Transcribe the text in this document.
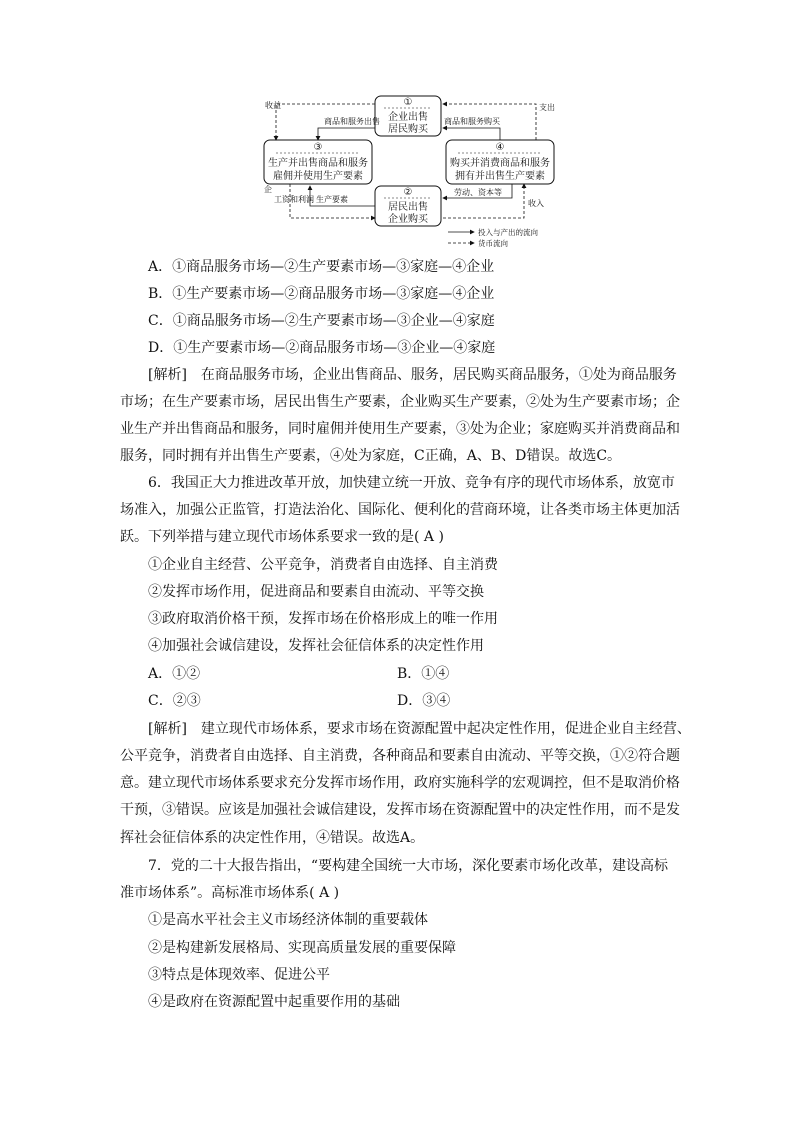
①
企业出售
居民购买
③
生产并出售商品和服务
雇佣并使用生产要素
④
购买并消费商品和服务
拥有并出售生产要素
②
居民出售
企业购买
商品和服务出售	商品和服务购买
生产要素
劳动、资本等
收益	支出
企
工资和利润	收入
投入与产出的流向
货币流向
A．①商品服务市场—②生产要素市场—③家庭—④企业
B．①生产要素市场—②商品服务市场—③家庭—④企业
C．①商品服务市场—②生产要素市场—③企业—④家庭
D．①生产要素市场—②商品服务市场—③企业—④家庭
[解析]　在商品服务市场，企业出售商品、服务，居民购买商品服务，①处为商品服务
市场；在生产要素市场，居民出售生产要素，企业购买生产要素，②处为生产要素市场；企
业生产并出售商品和服务，同时雇佣并使用生产要素，③处为企业；家庭购买并消费商品和
服务，同时拥有并出售生产要素，④处为家庭，C正确，A、B、D错误。故选C。
6．我国正大力推进改革开放，加快建立统一开放、竞争有序的现代市场体系，放宽市
场准入，加强公正监管，打造法治化、国际化、便利化的营商环境，让各类市场主体更加活
跃。下列举措与建立现代市场体系要求一致的是( A )
①企业自主经营、公平竞争，消费者自由选择、自主消费
②发挥市场作用，促进商品和要素自由流动、平等交换
③政府取消价格干预，发挥市场在价格形成上的唯一作用
④加强社会诚信建设，发挥社会征信体系的决定性作用
A．①②	B．①④
C．②③	D．③④
[解析]　建立现代市场体系，要求市场在资源配置中起决定性作用，促进企业自主经营、
公平竞争，消费者自由选择、自主消费，各种商品和要素自由流动、平等交换，①②符合题
意。建立现代市场体系要求充分发挥市场作用，政府实施科学的宏观调控，但不是取消价格
干预，③错误。应该是加强社会诚信建设，发挥市场在资源配置中的决定性作用，而不是发
挥社会征信体系的决定性作用，④错误。故选A。
7．党的二十大报告指出，“要构建全国统一大市场，深化要素市场化改革，建设高标
准市场体系”。高标准市场体系( A )
①是高水平社会主义市场经济体制的重要载体
②是构建新发展格局、实现高质量发展的重要保障
③特点是体现效率、促进公平
④是政府在资源配置中起重要作用的基础
